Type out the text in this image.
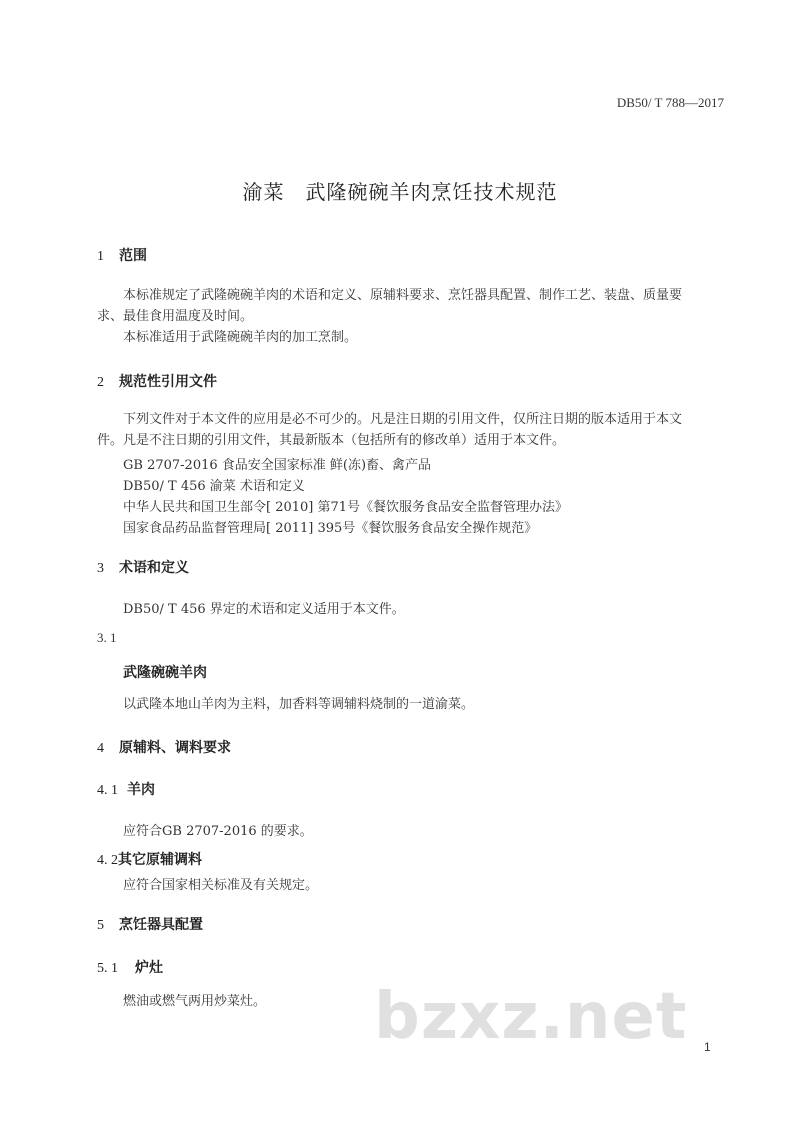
DB50/ T 788—2017
渝菜　武隆碗碗羊肉烹饪技术规范
1 范围
本标准规定了武隆碗碗羊肉的术语和定义、原辅料要求、烹饪器具配置、制作工艺、装盘、质量要求、最佳食用温度及时间。
本标准适用于武隆碗碗羊肉的加工烹制。
2 规范性引用文件
下列文件对于本文件的应用是必不可少的。凡是注日期的引用文件，仅所注日期的版本适用于本文件。凡是不注日期的引用文件，其最新版本（包括所有的修改单）适用于本文件。
GB 2707-2016 食品安全国家标准 鲜(冻)畜、禽产品
DB50/ T 456 渝菜 术语和定义
中华人民共和国卫生部令[ 2010] 第71号《餐饮服务食品安全监督管理办法》
国家食品药品监督管理局[ 2011] 395号《餐饮服务食品安全操作规范》
3 术语和定义
DB50/ T 456 界定的术语和定义适用于本文件。
3. 1
武隆碗碗羊肉
以武隆本地山羊肉为主料，加香料等调辅料烧制的一道渝菜。
4 原辅料、调料要求
4. 1 羊肉
应符合GB 2707-2016 的要求。
4. 2其它原辅调料
应符合国家相关标准及有关规定。
5 烹饪器具配置
5. 1 炉灶
燃油或燃气两用炒菜灶。 bzxz.net 1
